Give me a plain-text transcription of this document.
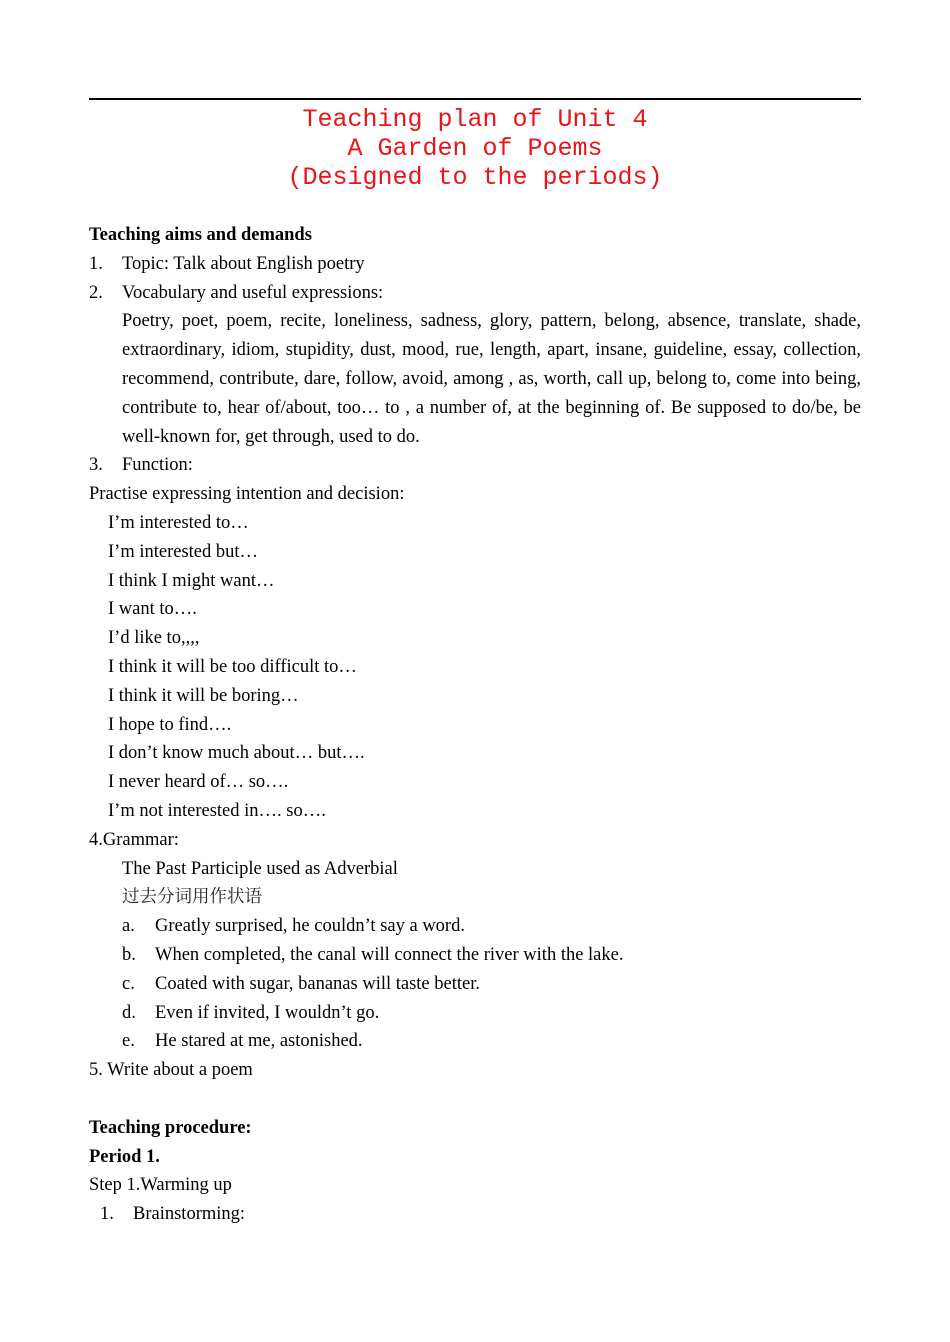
Teaching plan of Unit 4
A Garden of Poems
(Designed to the periods)
Teaching aims and demands
1.	Topic: Talk about English poetry
2.	Vocabulary and useful expressions:
Poetry, poet, poem, recite, loneliness, sadness, glory, pattern, belong, absence, translate, shade, extraordinary, idiom, stupidity, dust, mood, rue, length, apart, insane, guideline, essay, collection, recommend, contribute, dare, follow, avoid, among , as, worth, call up, belong to, come into being, contribute to, hear of/about, too… to , a number of, at the beginning of. Be supposed to do/be, be well-known for, get through, used to do.
3.	Function:
Practise expressing intention and decision:
I’m interested to…
I’m interested but…
I think I might want…
I want to….
I’d like to,,,,
I think it will be too difficult to…
I think it will be boring…
I hope to find….
I don’t know much about… but….
I never heard of… so….
I’m not interested in…. so….
4.Grammar:
The Past Participle used as Adverbial
过去分词用作状语
a.	Greatly surprised, he couldn’t say a word.
b.	When completed, the canal will connect the river with the lake.
c.	Coated with sugar, bananas will taste better.
d.	Even if invited, I wouldn’t go.
e.	He stared at me, astonished.
5. Write about a poem
Teaching procedure:
Period 1.
Step 1.Warming up
1.	Brainstorming:
